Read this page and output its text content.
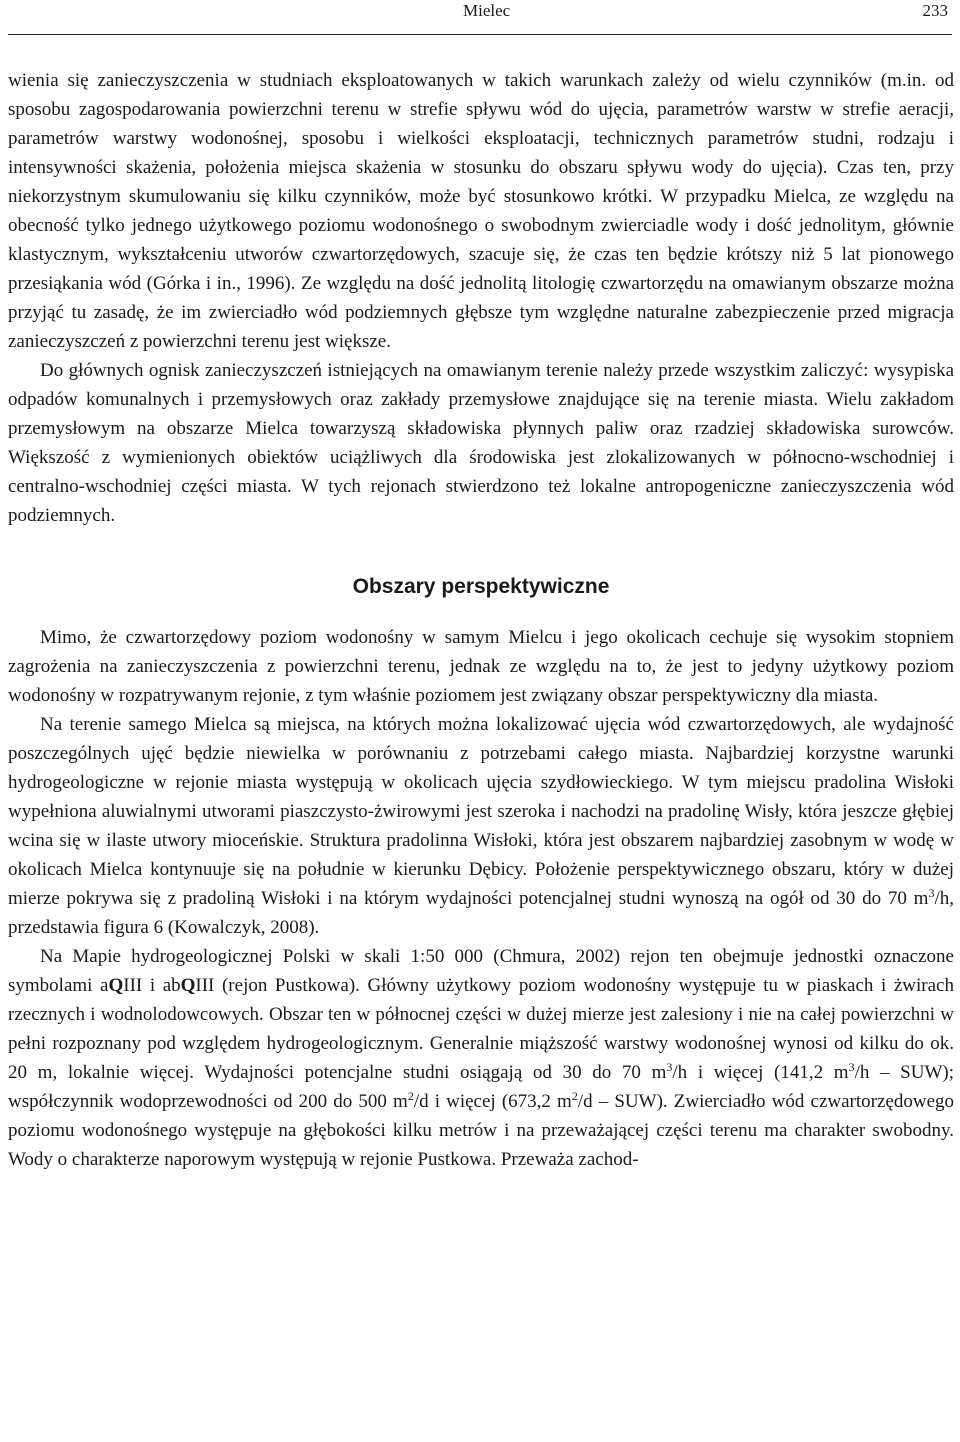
Mielec	233

wienia się zanieczyszczenia w studniach eksploatowanych w takich warunkach zależy od wielu czynników (m.in. od sposobu zagospodarowania powierzchni terenu w strefie spływu wód do ujęcia, parametrów warstw w strefie aeracji, parametrów warstwy wodonośnej, sposobu i wielkości eksploatacji, technicznych parametrów studni, rodzaju i intensywności skażenia, położenia miejsca skażenia w stosunku do obszaru spływu wody do ujęcia). Czas ten, przy niekorzystnym skumulowaniu się kilku czynników, może być stosunkowo krótki. W przypadku Mielca, ze względu na obecność tylko jednego użytkowego poziomu wodonośnego o swobodnym zwierciadle wody i dość jednolitym, głównie klastycznym, wykształceniu utworów czwartorzędowych, szacuje się, że czas ten będzie krótszy niż 5 lat pionowego przesiąkania wód (Górka i in., 1996). Ze względu na dość jednolitą litologię czwartorzędu na omawianym obszarze można przyjąć tu zasadę, że im zwierciadło wód podziemnych głębsze tym względne naturalne zabezpieczenie przed migracja zanieczyszczeń z powierzchni terenu jest większe.

Do głównych ognisk zanieczyszczeń istniejących na omawianym terenie należy przede wszystkim zaliczyć: wysypiska odpadów komunalnych i przemysłowych oraz zakłady przemysłowe znajdujące się na terenie miasta. Wielu zakładom przemysłowym na obszarze Mielca towarzyszą składowiska płynnych paliw oraz rzadziej składowiska surowców. Większość z wymienionych obiektów uciążliwych dla środowiska jest zlokalizowanych w północno-wschodniej i centralno-wschodniej części miasta. W tych rejonach stwierdzono też lokalne antropogeniczne zanieczyszczenia wód podziemnych.

Obszary perspektywiczne

Mimo, że czwartorzędowy poziom wodonośny w samym Mielcu i jego okolicach cechuje się wysokim stopniem zagrożenia na zanieczyszczenia z powierzchni terenu, jednak ze względu na to, że jest to jedyny użytkowy poziom wodonośny w rozpatrywanym rejonie, z tym właśnie poziomem jest związany obszar perspektywiczny dla miasta.

Na terenie samego Mielca są miejsca, na których można lokalizować ujęcia wód czwartorzędowych, ale wydajność poszczególnych ujęć będzie niewielka w porównaniu z potrzebami całego miasta. Najbardziej korzystne warunki hydrogeologiczne w rejonie miasta występują w okolicach ujęcia szydłowieckiego. W tym miejscu pradolina Wisłoki wypełniona aluwialnymi utworami piaszczysto-żwirowymi jest szeroka i nachodzi na pradolinę Wisły, która jeszcze głębiej wcina się w ilaste utwory mioceńskie. Struktura pradolinna Wisłoki, która jest obszarem najbardziej zasobnym w wodę w okolicach Mielca kontynuuje się na południe w kierunku Dębicy. Położenie perspektywicznego obszaru, który w dużej mierze pokrywa się z pradoliną Wisłoki i na którym wydajności potencjalnej studni wynoszą na ogół od 30 do 70 $m^3/h$, przedstawia figura 6 (Kowalczyk, 2008).

Na Mapie hydrogeologicznej Polski w skali 1:50 000 (Chmura, 2002) rejon ten obejmuje jednostki oznaczone symbolami aQIII i abQIII (rejon Pustkowa). Główny użytkowy poziom wodonośny występuje tu w piaskach i żwirach rzecznych i wodnolodowcowych. Obszar ten w północnej części w dużej mierze jest zalesiony i nie na całej powierzchni w pełni rozpoznany pod względem hydrogeologicznym. Generalnie miąższość warstwy wodonośnej wynosi od kilku do ok. 20 m, lokalnie więcej. Wydajności potencjalne studni osiągają od 30 do 70 $m^3/h$ i więcej (141,2 $m^3/h - SUW$); współczynnik wodoprzewodności od 200 do 500 $m^2/d$ i więcej (673,2 $m^2/d - SUW$). Zwierciadło wód czwartorzędowego poziomu wodonośnego występuje na głębokości kilku metrów i na przeważającej części terenu ma charakter swobodny. Wody o charakterze naporowym występują w rejonie Pustkowa. Przeważa zachod-
